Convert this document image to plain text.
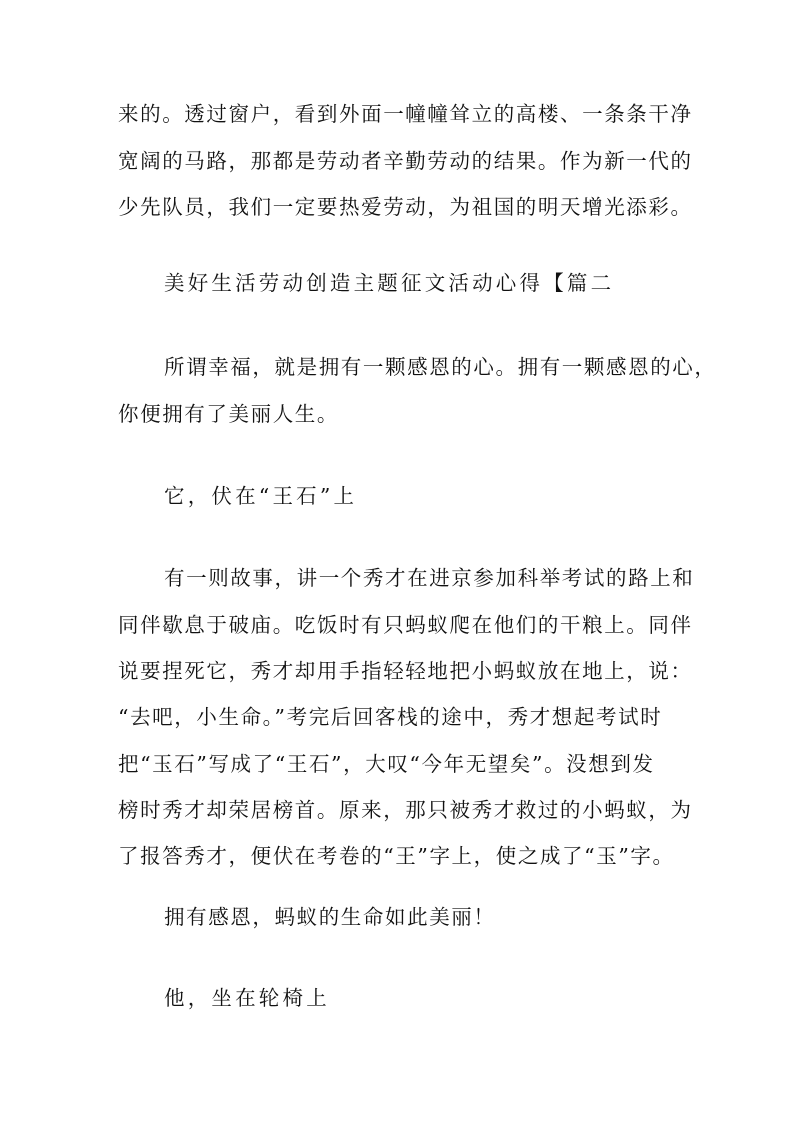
来的。透过窗户，看到外面一幢幢耸立的高楼、一条条干净
宽阔的马路，那都是劳动者辛勤劳动的结果。作为新一代的
少先队员，我们一定要热爱劳动，为祖国的明天增光添彩。
美好生活劳动创造主题征文活动心得【篇二
所谓幸福，就是拥有一颗感恩的心。拥有一颗感恩的心，
你便拥有了美丽人生。
它，伏在“王石”上
有一则故事，讲一个秀才在进京参加科举考试的路上和
同伴歇息于破庙。吃饭时有只蚂蚁爬在他们的干粮上。同伴
说要捏死它，秀才却用手指轻轻地把小蚂蚁放在地上，说：
“去吧，小生命。”考完后回客栈的途中，秀才想起考试时
把“玉石”写成了“王石”，大叹“今年无望矣”。没想到发
榜时秀才却荣居榜首。原来，那只被秀才救过的小蚂蚁，为
了报答秀才，便伏在考卷的“王”字上，使之成了“玉”字。
拥有感恩，蚂蚁的生命如此美丽！
他，坐在轮椅上
